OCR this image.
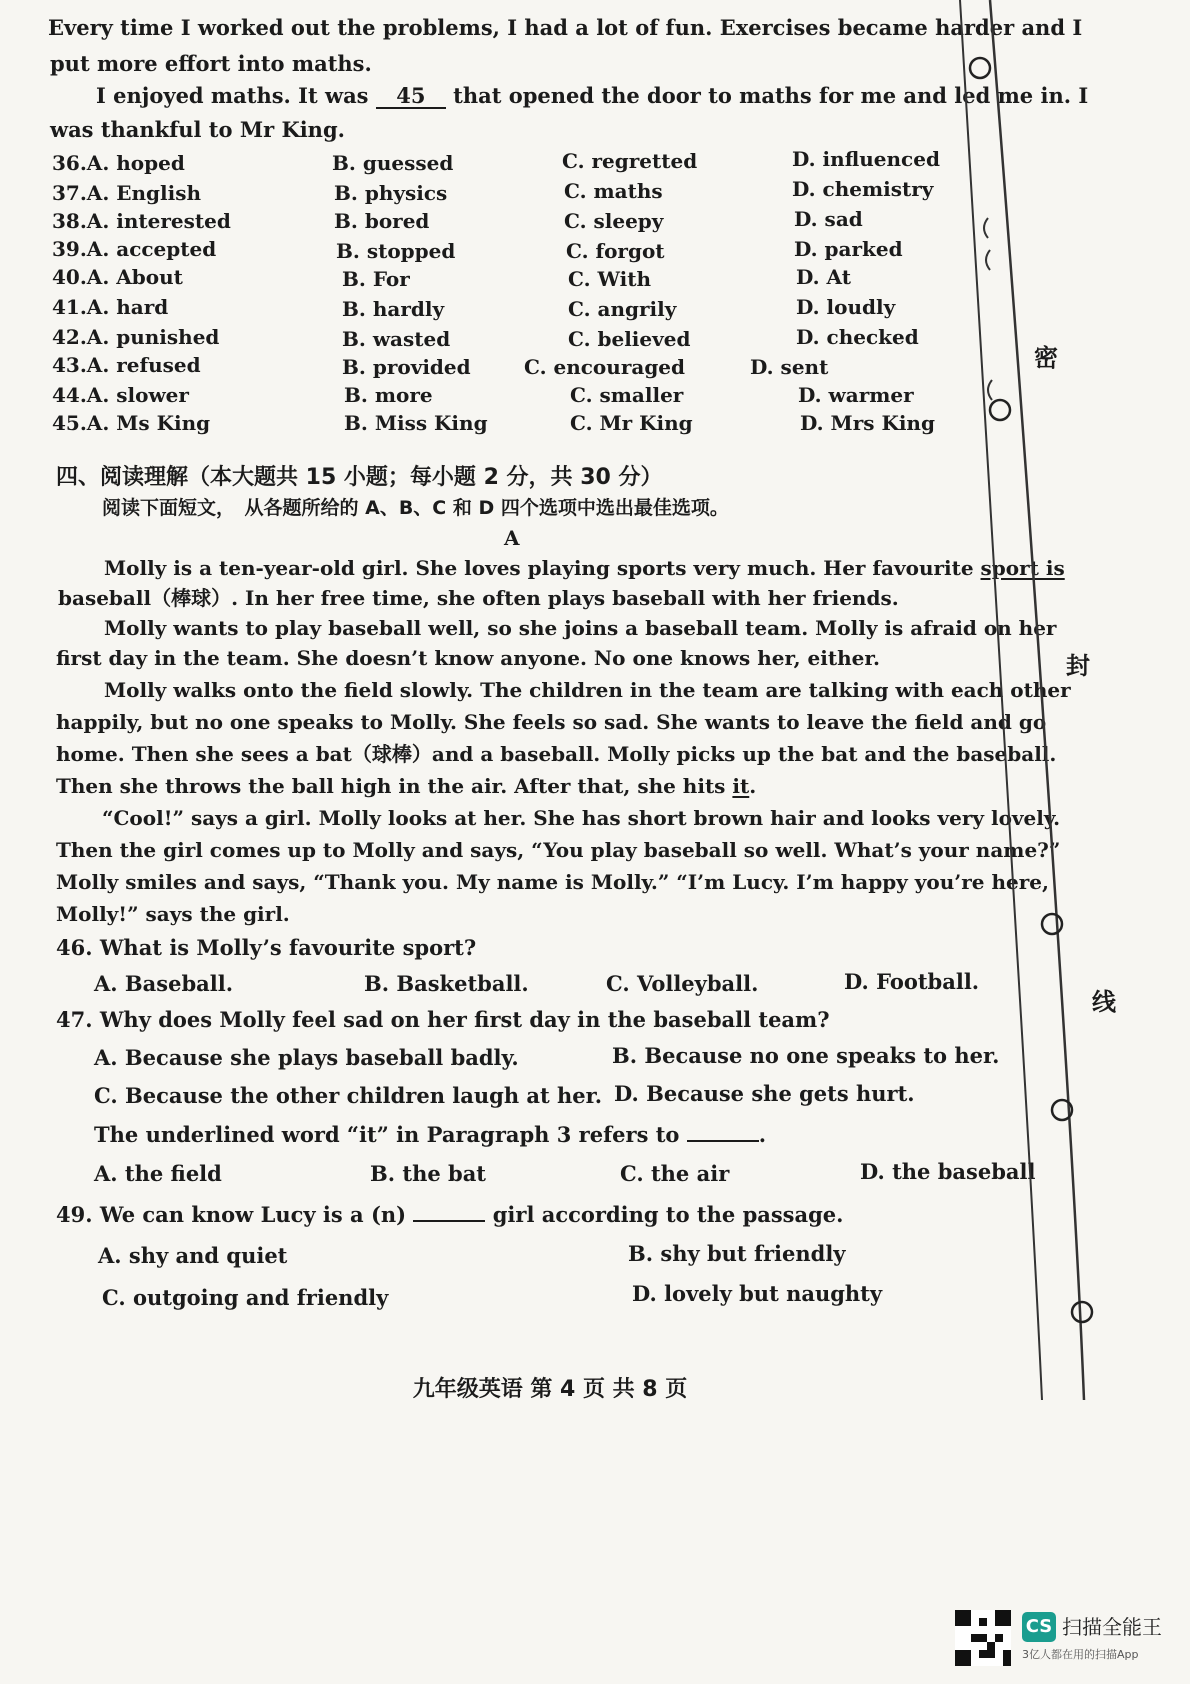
Every time I worked out the problems, I had a lot of fun. Exercises became harder and I
put more effort into maths.
I enjoyed maths. It was 45 that opened the door to maths for me and led me in. I
was thankful to Mr King.
36.A. hoped	B. guessed	C. regretted	D. influenced
37.A. English	B. physics	C. maths	D. chemistry
38.A. interested	B. bored	C. sleepy	D. sad
39.A. accepted	B. stopped	C. forgot	D. parked
40.A. About	B. For	C. With	D. At
41.A. hard	B. hardly	C. angrily	D. loudly
42.A. punished	B. wasted	C. believed	D. checked
43.A. refused	B. provided	C. encouraged	D. sent
44.A. slower	B. more	C. smaller	D. warmer
45.A. Ms King	B. Miss King	C. Mr King	D. Mrs King
四、阅读理解（本大题共 15 小题；每小题 2 分，共 30 分）
阅读下面短文，　从各题所给的 A、B、C 和 D 四个选项中选出最佳选项。
A
Molly is a ten-year-old girl. She loves playing sports very much. Her favourite sport is
baseball（棒球）. In her free time, she often plays baseball with her friends.
Molly wants to play baseball well, so she joins a baseball team. Molly is afraid on her
first day in the team. She doesn’t know anyone. No one knows her, either.
Molly walks onto the field slowly. The children in the team are talking with each other
happily, but no one speaks to Molly. She feels so sad. She wants to leave the field and go
home. Then she sees a bat（球棒）and a baseball. Molly picks up the bat and the baseball.
Then she throws the ball high in the air. After that, she hits it.
“Cool!” says a girl. Molly looks at her. She has short brown hair and looks very lovely.
Then the girl comes up to Molly and says, “You play baseball so well. What’s your name?”
Molly smiles and says, “Thank you. My name is Molly.” “I’m Lucy. I’m happy you’re here,
Molly!” says the girl.
46. What is Molly’s favourite sport?
A. Baseball.	B. Basketball.	C. Volleyball.	D. Football.
47. Why does Molly feel sad on her first day in the baseball team?
A. Because she plays baseball badly.	B. Because no one speaks to her.
C. Because the other children laugh at her. D. Because she gets hurt.
The underlined word “it” in Paragraph 3 refers to	.
A. the field	B. the bat	C. the air	D. the baseball
49. We can know Lucy is a (n)	girl according to the passage.
A. shy and quiet	B. shy but friendly
C. outgoing and friendly	D. lovely but naughty
九年级英语 第 4 页 共 8 页
密
封
线
CS 扫描全能王
3亿人都在用的扫描App
